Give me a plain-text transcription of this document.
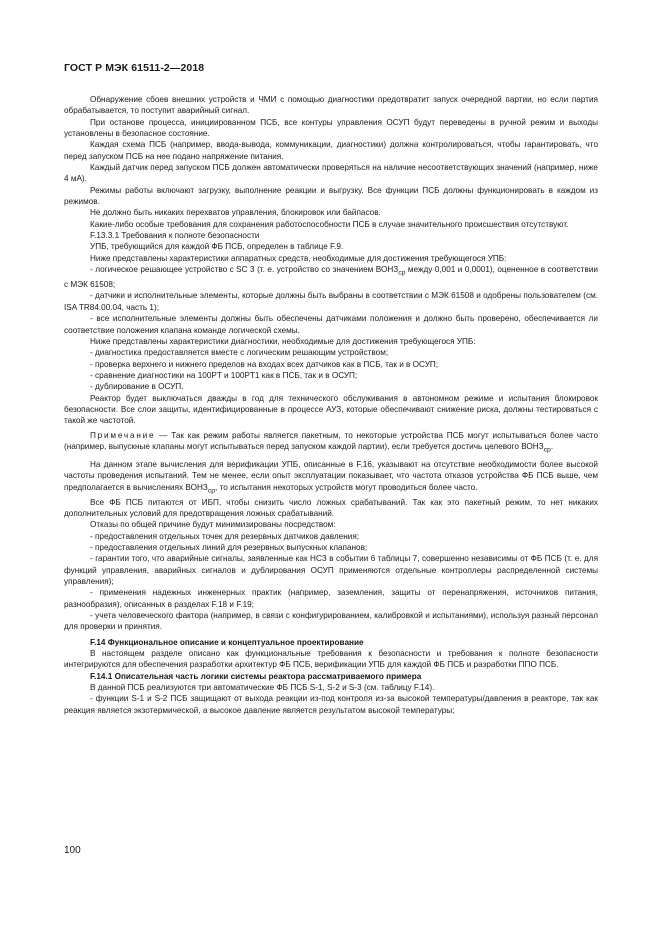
ГОСТ Р МЭК 61511-2—2018

Обнаружение сбоев внешних устройств и ЧМИ с помощью диагностики предотвратит запуск очередной партии, но если партия обрабатывается, то поступит аварийный сигнал.

При останове процесса, инициированном ПСБ, все контуры управления ОСУП будут переведены в ручной режим и выходы установлены в безопасное состояние.

Каждая схема ПСБ (например, ввода-вывода, коммуникации, диагностики) должна контролироваться, чтобы гарантировать, что перед запуском ПСБ на нее подано напряжение питания.

Каждый датчик перед запуском ПСБ должен автоматически проверяться на наличие несоответствующих значений (например, ниже 4 мА).

Режимы работы включают загрузку, выполнение реакции и выгрузку. Все функции ПСБ должны функционировать в каждом из режимов.

Не должно быть никаких перехватов управления, блокировок или байпасов.

Какие-либо особые требования для сохранения работоспособности ПСБ в случае значительного происшествия отсутствуют.

F.13.3.1 Требования к полноте безопасности

УПБ, требующийся для каждой ФБ ПСБ, определен в таблице F.9.

Ниже представлены характеристики аппаратных средств, необходимые для достижения требующегося УПБ:

- логическое решающее устройство с SC 3 (т. е. устройство со значением $ВОНЗ_{ср}$ между 0,001 и 0,0001), оцененное в соответствии с МЭК 61508;

- датчики и исполнительные элементы, которые должны быть выбраны в соответствии с МЭК 61508 и одобрены пользователем (см. ISA TR84.00.04, часть 1);

- все исполнительные элементы должны быть обеспечены датчиками положения и должно быть проверено, обеспечивается ли соответствие положения клапана команде логической схемы.

Ниже представлены характеристики диагностики, необходимые для достижения требующегося УПБ:

- диагностика предоставляется вместе с логическим решающим устройством;

- проверка верхнего и нижнего пределов на входах всех датчиков как в ПСБ, так и в ОСУП;

- сравнение диагностики на 100PT и 100PT1 как в ПСБ, так и в ОСУП;

- дублирование в ОСУП.

Реактор будет выключаться дважды в год для технического обслуживания в автономном режиме и испытания блокировок безопасности. Все слои защиты, идентифицированные в процессе АУЗ, которые обеспечивают снижение риска, должны тестироваться с такой же частотой.

Примечание — Так как режим работы является пакетным, то некоторые устройства ПСБ могут испытываться более часто (например, выпускные клапаны могут испытываться перед запуском каждой партии), если требуется достичь целевого $ВОНЗ_{ср}$.

На данном этапе вычисления для верификации УПБ, описанные в F.16, указывают на отсутствие необходимости более высокой частоты проведения испытаний. Тем не менее, если опыт эксплуатации показывает, что частота отказов устройства ФБ ПСБ выше, чем предполагается в вычислениях $ВОНЗ_{ср}$, то испытания некоторых устройств могут проводиться более часто.

Все ФБ ПСБ питаются от ИБП, чтобы снизить число ложных срабатываний. Так как это пакетный режим, то нет никаких дополнительных условий для предотвращения ложных срабатываний.

Отказы по общей причине будут минимизированы посредством:

- предоставления отдельных точек для резервных датчиков давления;

- предоставления отдельных линий для резервных выпускных клапанов;

- гарантии того, что аварийные сигналы, заявленные как НСЗ в событии 6 таблицы 7, совершенно независимы от ФБ ПСБ (т. е. для функций управления, аварийных сигналов и дублирования ОСУП применяются отдельные контроллеры распределенной системы управления);

- применения надежных инженерных практик (например, заземления, защиты от перенапряжения, источников питания, разнообразия), описанных в разделах F.18 и F.19;

- учета человеческого фактора (например, в связи с конфигурированием, калибровкой и испытаниями), используя разный персонал для проверки и принятия.

F.14 Функциональное описание и концептуальное проектирование

В настоящем разделе описано как функциональные требования к безопасности и требования к полноте безопасности интегрируются для обеспечения разработки архитектур ФБ ПСБ, верификации УПБ для каждой ФБ ПСБ и разработки ППО ПСБ.

F.14.1 Описательная часть логики системы реактора рассматриваемого примера

В данной ПСБ реализуются три автоматические ФБ ПСБ S-1, S-2 и S-3 (см. таблицу F.14).

- функции S-1 и S-2 ПСБ защищают от выхода реакции из-под контроля из-за высокой температуры/давления в реакторе, так как реакция является экзотермической, а высокое давление является результатом высокой температуры;

100
